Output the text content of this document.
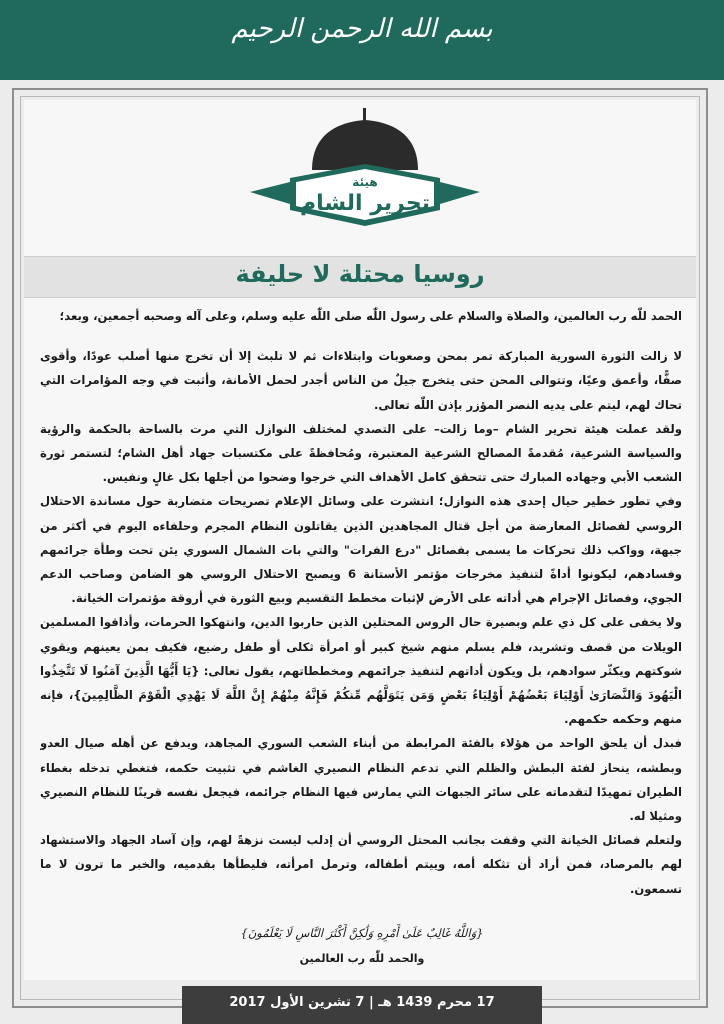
بسم الله الرحمن الرحيم
هيئة
تحرير الشام
روسيا محتلة لا حليفة

الحمد للّٰه رب العالمين، والصلاة والسلام على رسول اللّٰه صلى اللّٰه عليه وسلم، وعلى آله وصحبه أجمعين، وبعد؛

لا زالت الثورة السورية المباركة تمر بمحن وصعوبات وابتلاءات ثم لا تلبث إلا أن تخرج منها أصلب عودًا، وأقوى صفًّا، وأعمق وعيًا، وتتوالى المحن حتى يتخرج جيلٌ من الناس أجدر لحمل الأمانة، وأثبت في وجه المؤامرات التي تحاك لهم، ليتم على يديه النصر المؤزر بإذن اللّٰه تعالى.

ولقد عملت هيئة تحرير الشام –وما زالت– على التصدي لمختلف النوازل التي مرت بالساحة بالحكمة والرؤية والسياسة الشرعية، مُقدمةً المصالح الشرعية المعتبرة، ومُحافظةً على مكتسبات جهاد أهل الشام؛ لتستمر ثورة الشعب الأبي وجهاده المبارك حتى تتحقق كامل الأهداف التي خرجوا وضحوا من أجلها بكل غالٍ ونفيس.

وفي تطور خطير حيال إحدى هذه النوازل؛ انتشرت على وسائل الإعلام تصريحات متضاربة حول مساندة الاحتلال الروسي لفصائل المعارضة من أجل قتال المجاهدين الذين يقاتلون النظام المجرم وحلفاءه اليوم في أكثر من جبهة، وواكب ذلك تحركات ما يسمى بفصائل "درع الفرات" والتي بات الشمال السوري يئن تحت وطأة جرائمهم وفسادهم، ليكونوا أداةً لتنفيذ مخرجات مؤتمر الأستانة 6 ويصبح الاحتلال الروسي هو الضامن وصاحب الدعم الجوي، وفصائل الإجرام هي أداته على الأرض لإثبات مخطط التقسيم وبيع الثورة في أروقة مؤتمرات الخيانة.

ولا يخفى على كل ذي علم وبصيرة حال الروس المحتلين الذين حاربوا الدين، وانتهكوا الحرمات، وأذاقوا المسلمين الويلات من قصف وتشريد، فلم يسلم منهم شيخ كبير أو امرأة ثكلى أو طفل رضيع، فكيف بمن يعينهم ويقوي شوكتهم ويكثّر سوادهم، بل ويكون أداتهم لتنفيذ جرائمهم ومخططاتهم، يقول تعالى: {يَا أَيُّهَا الَّذِينَ آمَنُوا لَا تَتَّخِذُوا الْيَهُودَ وَالنَّصَارَىٰ أَوْلِيَاءَ بَعْضُهُمْ أَوْلِيَاءُ بَعْضٍ وَمَن يَتَوَلَّهُم مِّنكُمْ فَإِنَّهُ مِنْهُمْ إِنَّ اللَّهَ لَا يَهْدِي الْقَوْمَ الظَّالِمِينَ}، فإنه منهم وحكمه حكمهم.

فبدل أن يلحق الواحد من هؤلاء بالفئة المرابطة من أبناء الشعب السوري المجاهد، ويدفع عن أهله صيال العدو وبطشه، ينحاز لفئة البطش والظلم التي تدعم النظام النصيري الغاشم في تثبيت حكمه، فتغطي تدخله بغطاء الطيران تمهيدًا لتقدماته على سائر الجبهات التي يمارس فيها النظام جرائمه، فيجعل نفسه قرينًا للنظام النصيري ومثيلا له.

ولتعلم فصائل الخيانة التي وقفت بجانب المحتل الروسي أن إدلب ليست نزهةً لهم، وإن آساد الجهاد والاستشهاد لهم بالمرصاد، فمن أراد أن تثكله أمه، وييتم أطفاله، وترمل امرأته، فليطأها بقدميه، والخبر ما ترون لا ما تسمعون.

{وَاللَّهُ غَالِبٌ عَلَىٰ أَمْرِهِ وَلَٰكِنَّ أَكْثَرَ النَّاسِ لَا يَعْلَمُونَ}
والحمد للّٰه رب العالمين
17 محرم 1439 هـ | 7 تشرين الأول 2017
